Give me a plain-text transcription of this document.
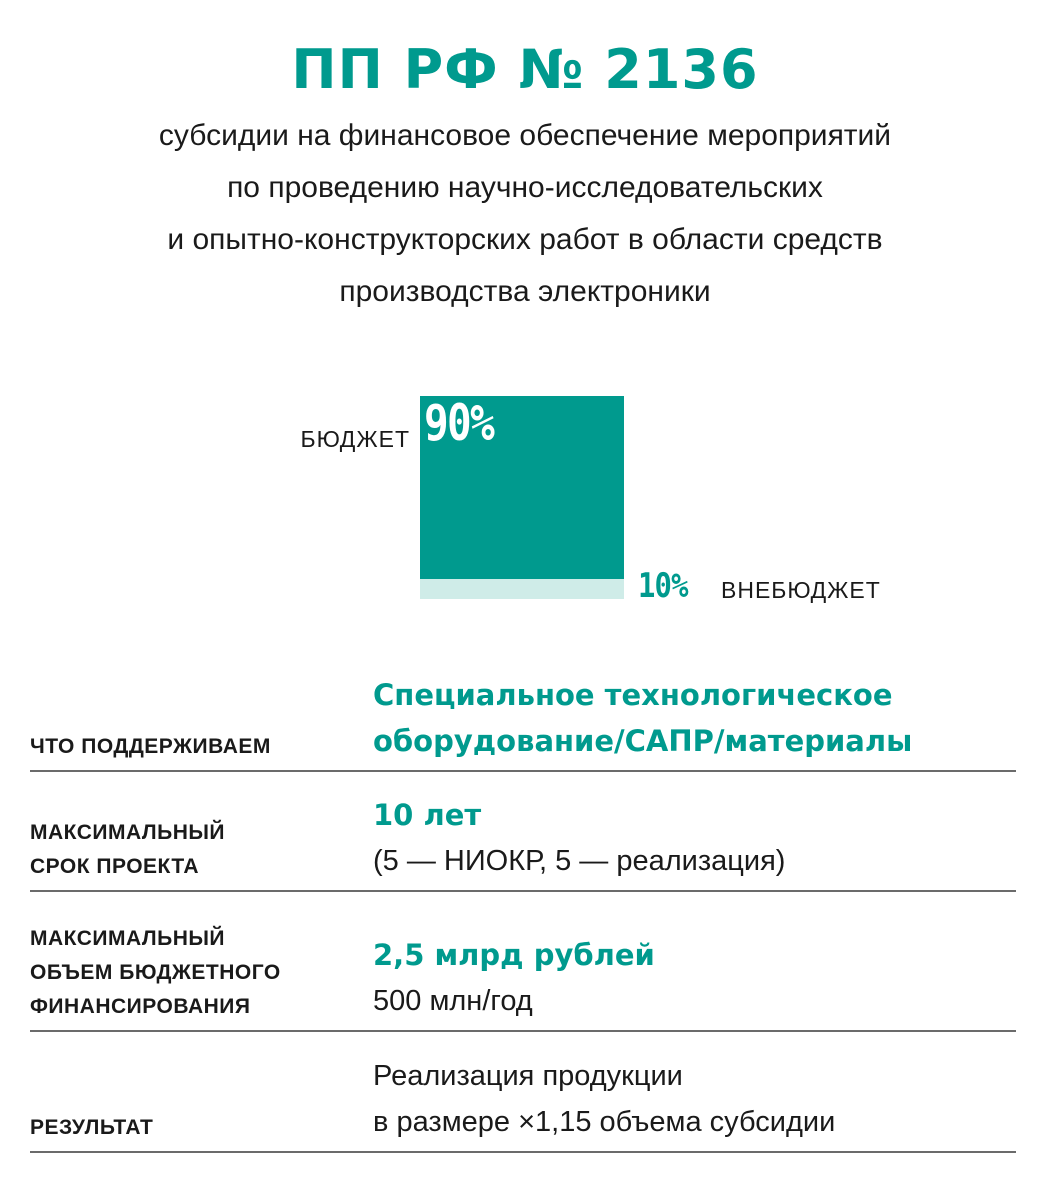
ПП РФ № 2136
субсидии на финансовое обеспечение мероприятий
по проведению научно-исследовательских
и опытно-конструкторских работ в области средств
производства электроники
БЮДЖЕТ 90%
10% ВНЕБЮДЖЕТ
ЧТО ПОДДЕРЖИВАЕМ
Специальное технологическое
оборудование/САПР/материалы
МАКСИМАЛЬНЫЙ
СРОК ПРОЕКТА
10 лет
(5 — НИОКР, 5 — реализация)
МАКСИМАЛЬНЫЙ
ОБЪЕМ БЮДЖЕТНОГО
ФИНАНСИРОВАНИЯ
2,5 млрд рублей
500 млн/год
РЕЗУЛЬТАТ
Реализация продукции
в размере ×1,15 объема субсидии
